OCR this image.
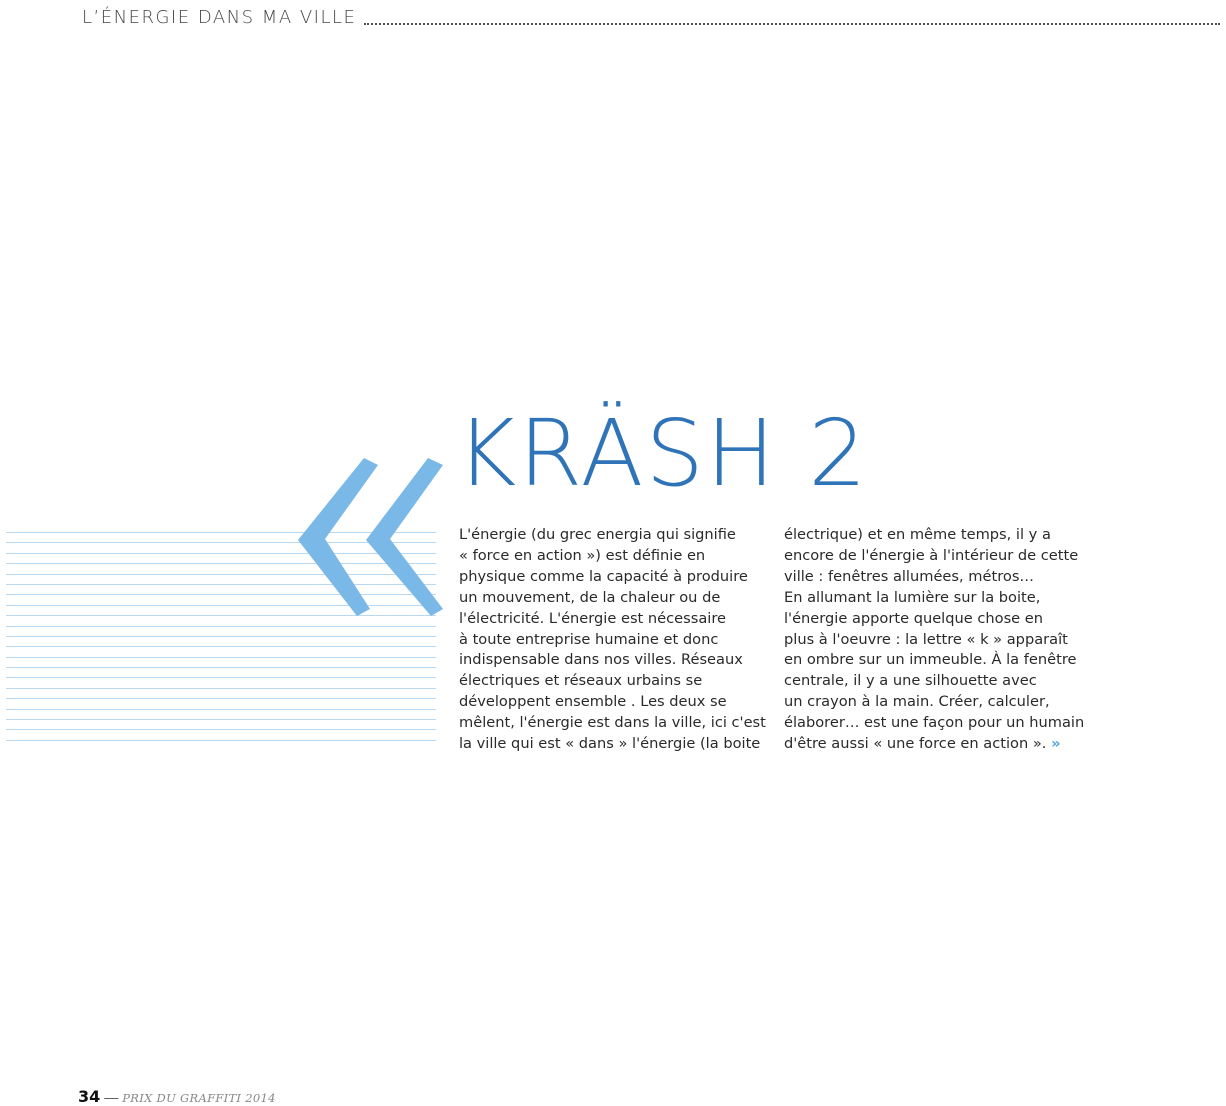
L’ÉNERGIE DANS MA VILLE
KRÄSH 2
L'énergie (du grec energia qui signifie
« force en action ») est définie en
physique comme la capacité à produire
un mouvement, de la chaleur ou de
l'électricité. L'énergie est nécessaire
à toute entreprise humaine et donc
indispensable dans nos villes. Réseaux
électriques et réseaux urbains se
développent ensemble . Les deux se
mêlent, l'énergie est dans la ville, ici c'est
la ville qui est « dans » l'énergie (la boite
électrique) et en même temps, il y a
encore de l'énergie à l'intérieur de cette
ville : fenêtres allumées, métros…
En allumant la lumière sur la boite,
l'énergie apporte quelque chose en
plus à l'oeuvre : la lettre « k » apparaît
en ombre sur un immeuble. À la fenêtre
centrale, il y a une silhouette avec
un crayon à la main. Créer, calculer,
élaborer… est une façon pour un humain
d'être aussi « une force en action ». »
34 — PRIX DU GRAFFITI 2014
